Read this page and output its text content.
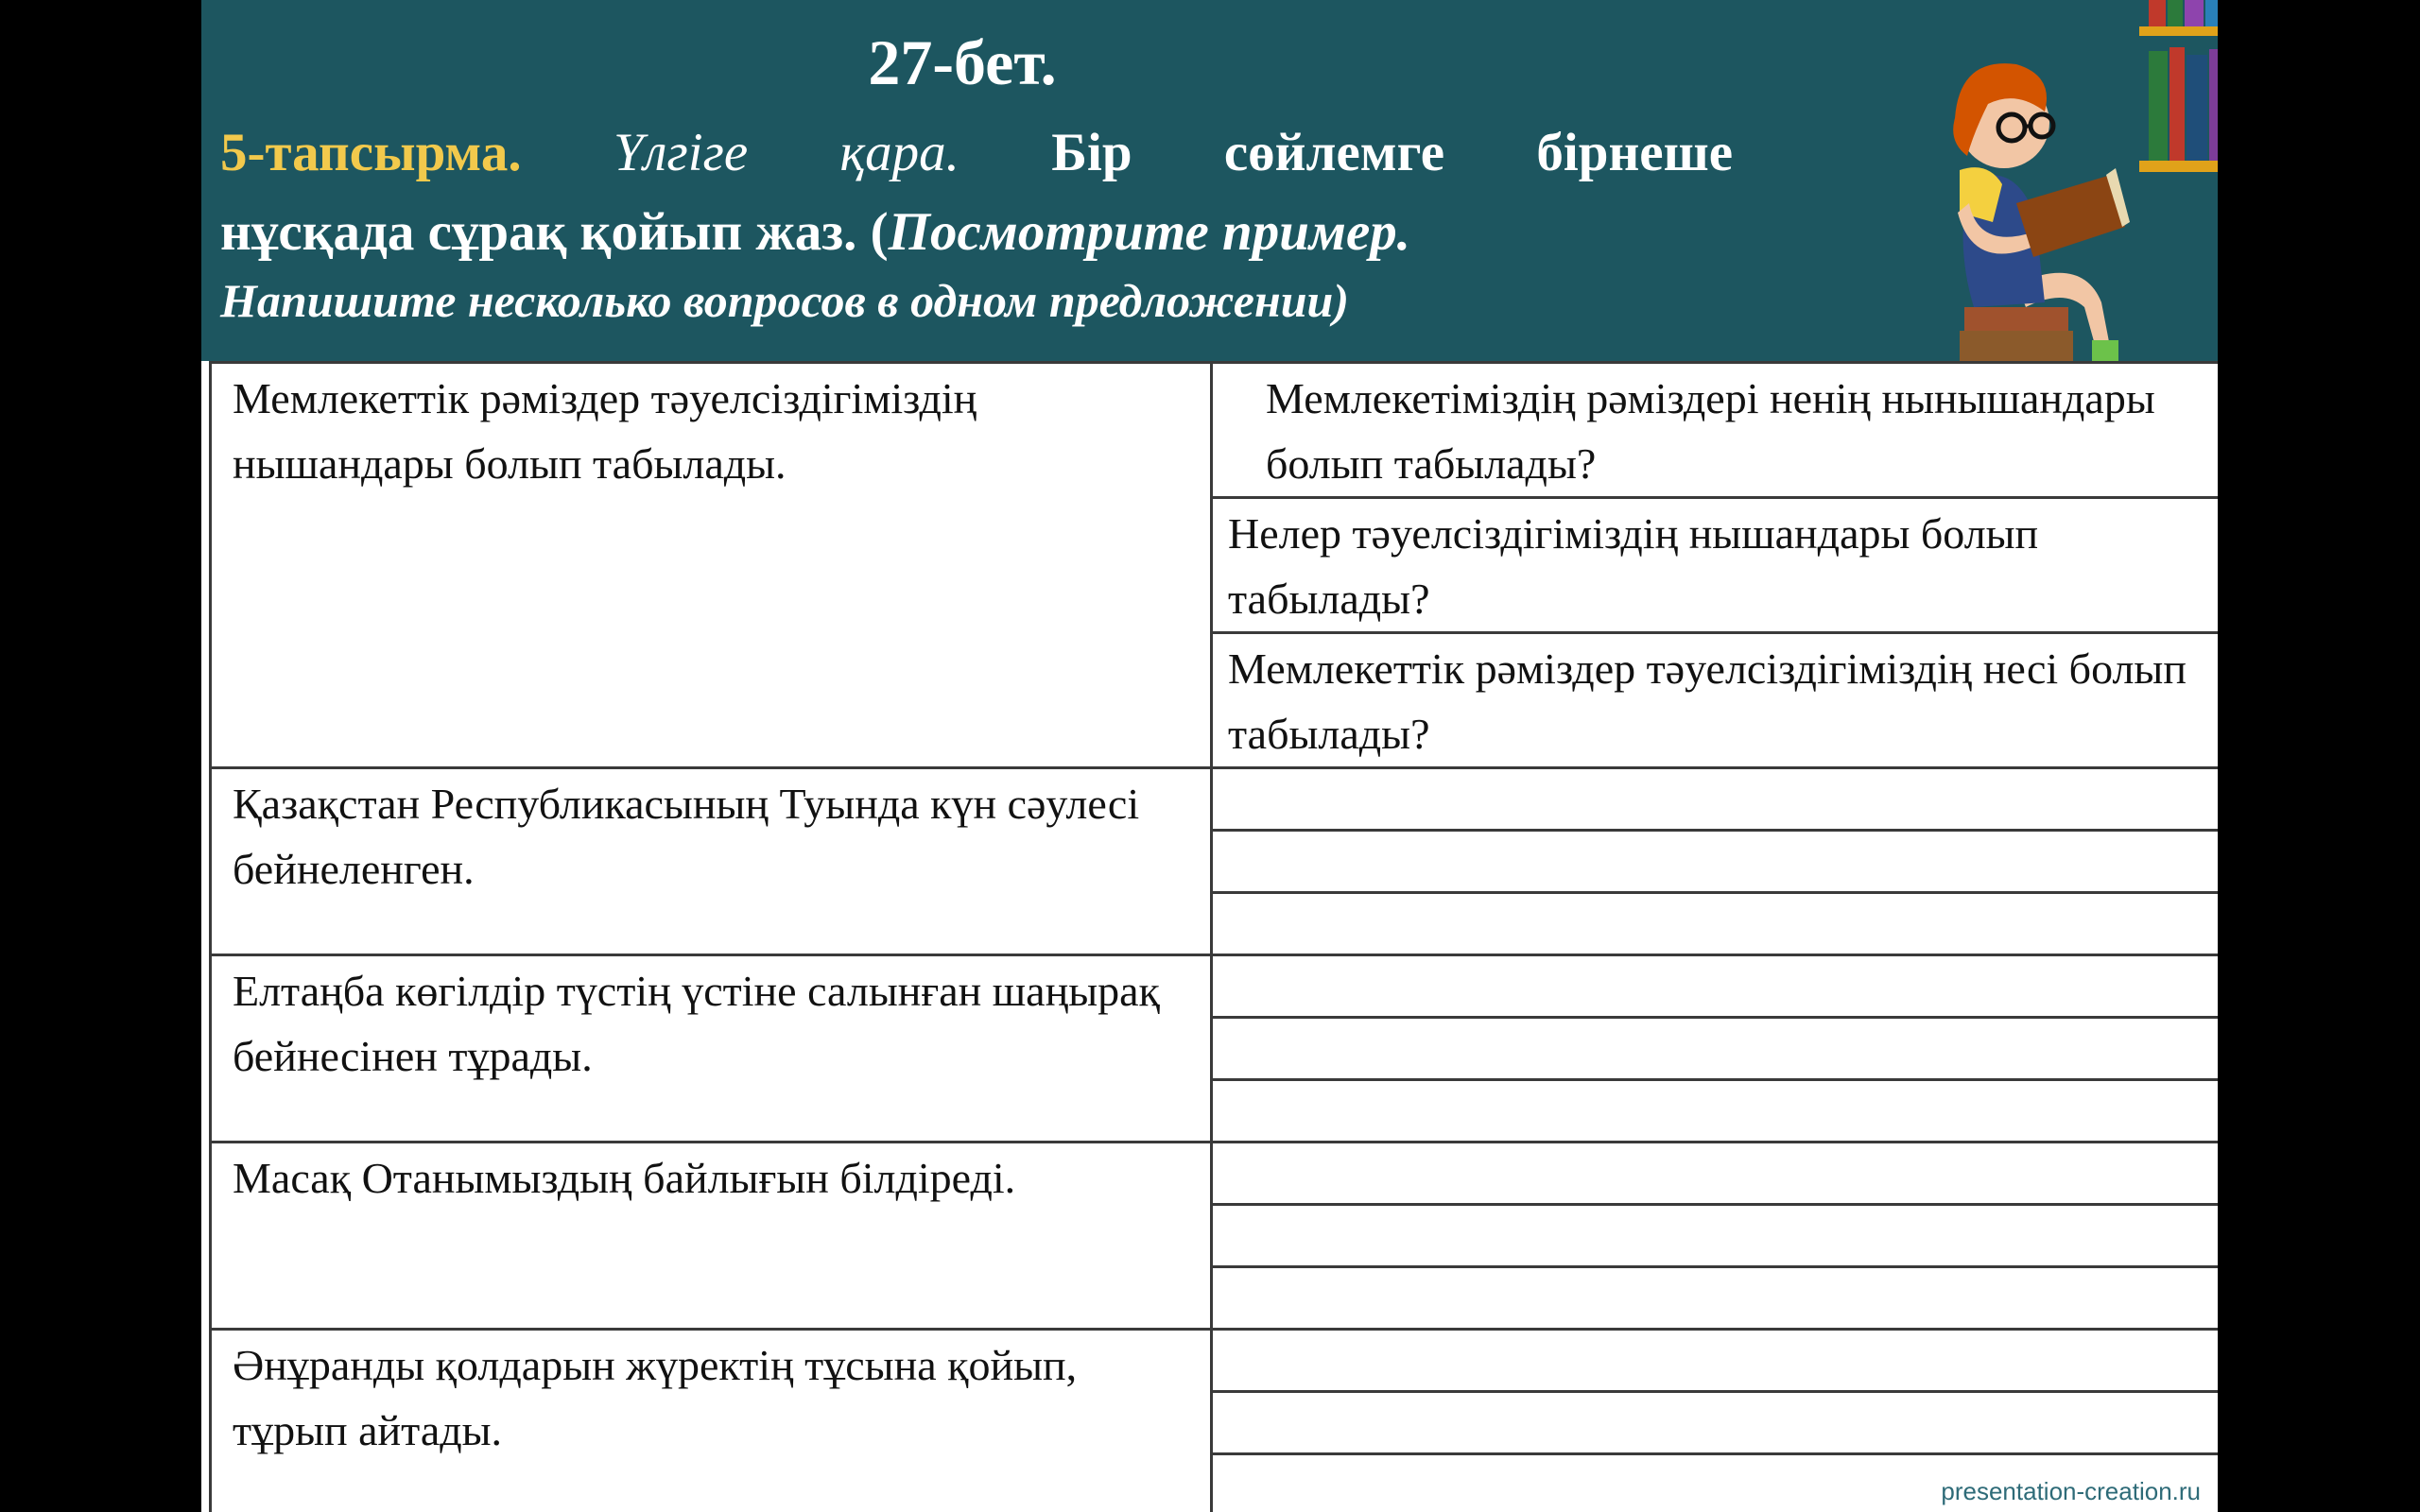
27-бет.
5-тапсырма. Үлгіге қара. Бір сөйлемге бірнеше
нұсқада сұрақ қойып жаз. (Посмотрите пример.
Напишите несколько вопросов в одном предложении)
Мемлекеттік рәміздер тәуелсіздігіміздің нышандары болып табылады.	Мемлекетіміздің рәміздері ненің нынышандары болып табылады?
	Нелер тәуелсіздігіміздің нышандары болып табылады?
	Мемлекеттік рәміздер тәуелсіздігіміздің несі болып табылады?
Қазақстан Республикасының Туында күн сәулесі бейнеленген.	

Елтаңба көгілдір түстің үстіне салынған шаңырақ бейнесінен тұрады.	

Масақ Отанымыздың байлығын білдіреді.	

Әнұранды қолдарын жүректің тұсына қойып, тұрып айтады.	

presentation-creation.ru
